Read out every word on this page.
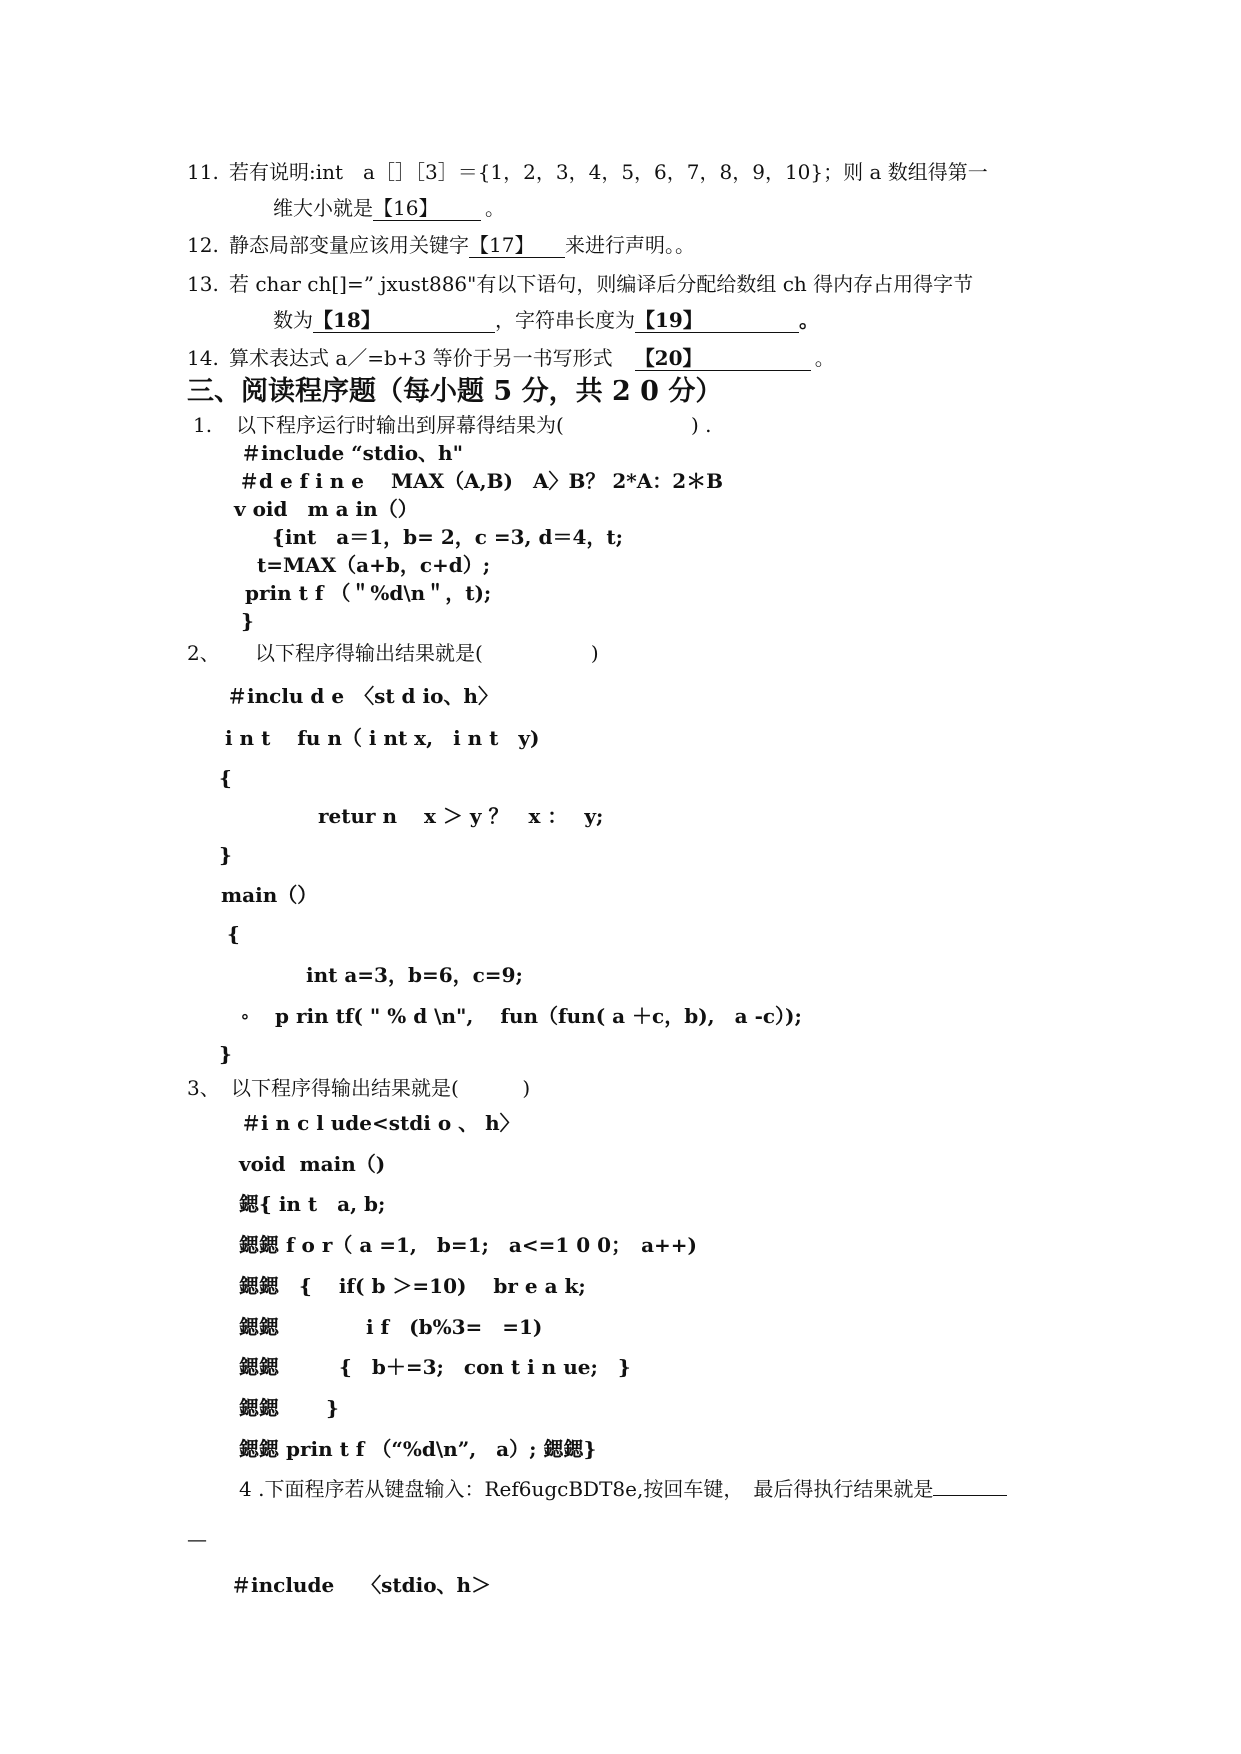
11. 若有说明:int　a［］［3］＝{1，2，3，4，5，6，7，8，9，10}；则 a 数组得第一
维大小就是【16】 。
12. 静态局部变量应该用关键字【17】 来进行声明。。
13. 若 char ch[]=” jxust886"有以下语句，则编译后分配给数组 ch 得内存占用得字节
数为【18】	，字符串长度为【19】	。
14. 算术表达式 a／=b+3 等价于另一书写形式 【20】	。
三、阅读程序题（每小题 5 分，共 2 0 分）
1. 以下程序运行时输出到屏幕得结果为(                    ) .
＃include “stdio、h"
＃d e f i n e　 MAX（A,B)　A〉B？ 2*A：2＊B
v oid　m a in（）
{int　a＝1，b= 2，c =3, d＝4，t;
t=MAX（a+b，c+d）;
prin t f （＂%d\n＂，t);
}
2、 以下程序得输出结果就是(                 )
＃inclu d e　〈st d io、h〉
i n t　 fu n（ i nt x,　i n t　y)
{
retur n　 x ＞ y ？　x ：　 y;
}
main（）
{
int a=3，b=6，c=9;
∘ p rin tf( " % d \n",　 fun（fun( a ＋c，b),　a -c）);
}
3、 以下程序得输出结果就是(          )
＃i n c l ude<stdi o 、 h〉
void  main（)
鍶{ in t　a, b;
鍶鍶 f o r（ a =1,　b=1;　a<=1 0 0；　a++)
鍶鍶　{　 if( b ＞=10)　 br e a k;
鍶鍶　　　　 i f　(b%3=　=1)
鍶鍶　　　{　b＋=3;　con t i n ue;　}
鍶鍶　　 }
鍶鍶 prin t f （“%d\n”,　a）; 鍶鍶}
4 .下面程序若从键盘输入：Ref6ugcBDT8e,按回车键，　最后得执行结果就是
—
＃include　 〈stdio、h＞
